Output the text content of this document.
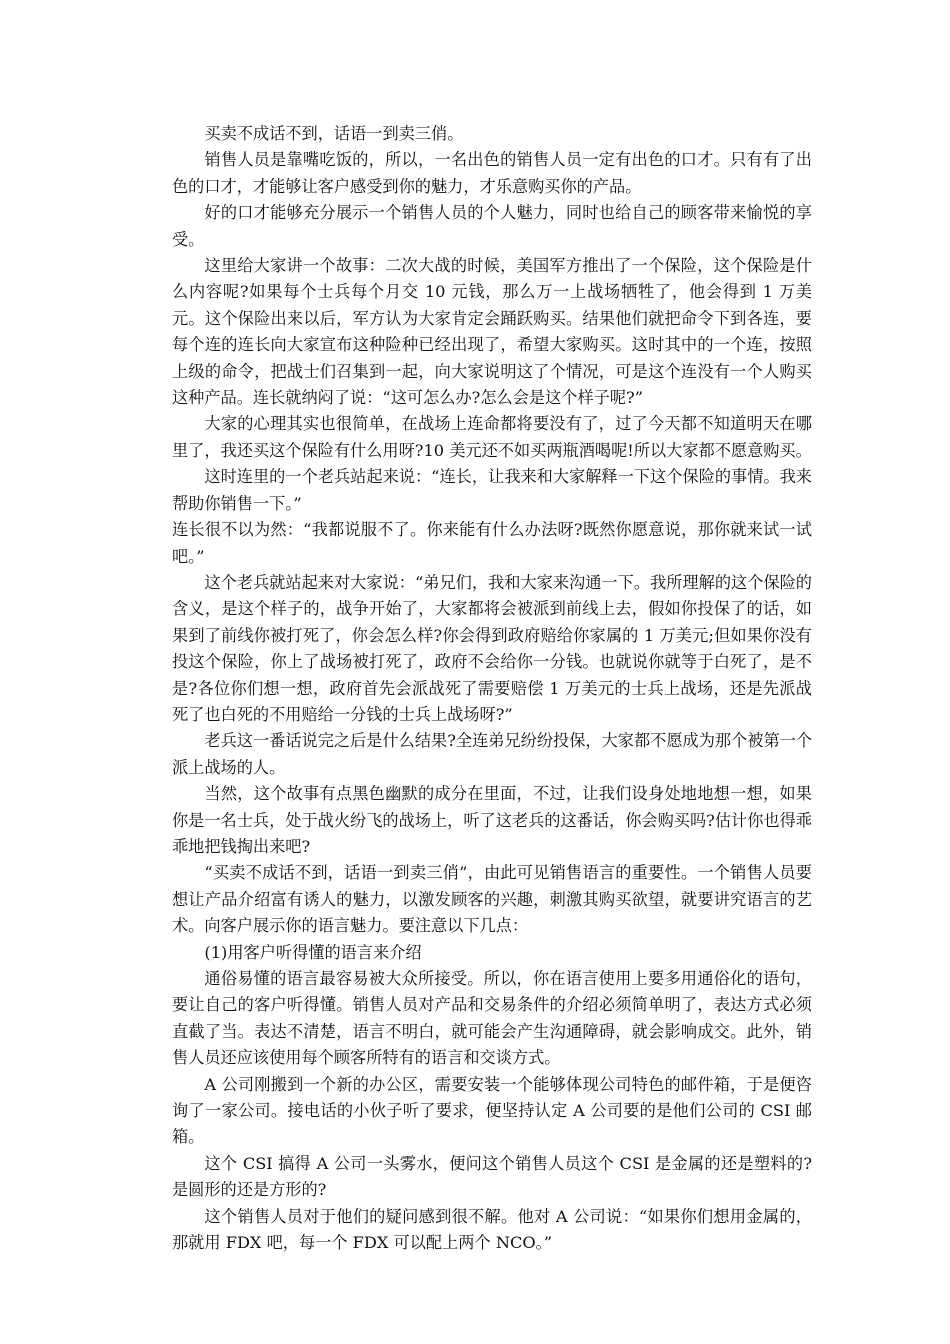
买卖不成话不到，话语一到卖三俏。

销售人员是靠嘴吃饭的，所以，一名出色的销售人员一定有出色的口才。只有有了出色的口才，才能够让客户感受到你的魅力，才乐意购买你的产品。

好的口才能够充分展示一个销售人员的个人魅力，同时也给自己的顾客带来愉悦的享受。

这里给大家讲一个故事：二次大战的时候，美国军方推出了一个保险，这个保险是什么内容呢?如果每个士兵每个月交 10 元钱，那么万一上战场牺牲了，他会得到 1 万美元。这个保险出来以后，军方认为大家肯定会踊跃购买。结果他们就把命令下到各连，要每个连的连长向大家宣布这种险种已经出现了，希望大家购买。这时其中的一个连，按照上级的命令，把战士们召集到一起，向大家说明这了个情况，可是这个连没有一个人购买这种产品。连长就纳闷了说：“这可怎么办?怎么会是这个样子呢?”

大家的心理其实也很简单，在战场上连命都将要没有了，过了今天都不知道明天在哪里了，我还买这个保险有什么用呀?10 美元还不如买两瓶酒喝呢!所以大家都不愿意购买。

这时连里的一个老兵站起来说：“连长，让我来和大家解释一下这个保险的事情。我来帮助你销售一下。”

连长很不以为然：“我都说服不了。你来能有什么办法呀?既然你愿意说，那你就来试一试吧。”

这个老兵就站起来对大家说：“弟兄们，我和大家来沟通一下。我所理解的这个保险的含义，是这个样子的，战争开始了，大家都将会被派到前线上去，假如你投保了的话，如果到了前线你被打死了，你会怎么样?你会得到政府赔给你家属的 1 万美元;但如果你没有投这个保险，你上了战场被打死了，政府不会给你一分钱。也就说你就等于白死了，是不是?各位你们想一想，政府首先会派战死了需要赔偿 1 万美元的士兵上战场，还是先派战死了也白死的不用赔给一分钱的士兵上战场呀?”

老兵这一番话说完之后是什么结果?全连弟兄纷纷投保，大家都不愿成为那个被第一个派上战场的人。

当然，这个故事有点黑色幽默的成分在里面，不过，让我们设身处地地想一想，如果你是一名士兵，处于战火纷飞的战场上，听了这老兵的这番话，你会购买吗?估计你也得乖乖地把钱掏出来吧?

“买卖不成话不到，话语一到卖三俏”，由此可见销售语言的重要性。一个销售人员要想让产品介绍富有诱人的魅力，以激发顾客的兴趣，刺激其购买欲望，就要讲究语言的艺术。向客户展示你的语言魅力。要注意以下几点：

(1)用客户听得懂的语言来介绍

通俗易懂的语言最容易被大众所接受。所以，你在语言使用上要多用通俗化的语句，要让自己的客户听得懂。销售人员对产品和交易条件的介绍必须简单明了，表达方式必须直截了当。表达不清楚，语言不明白，就可能会产生沟通障碍，就会影响成交。此外，销售人员还应该使用每个顾客所特有的语言和交谈方式。

A 公司刚搬到一个新的办公区，需要安装一个能够体现公司特色的邮件箱，于是便咨询了一家公司。接电话的小伙子听了要求，便坚持认定 A 公司要的是他们公司的 CSI 邮箱。

这个 CSI 搞得 A 公司一头雾水，便问这个销售人员这个 CSI 是金属的还是塑料的?是圆形的还是方形的?

这个销售人员对于他们的疑问感到很不解。他对 A 公司说：“如果你们想用金属的，那就用 FDX 吧，每一个 FDX 可以配上两个 NCO。”
